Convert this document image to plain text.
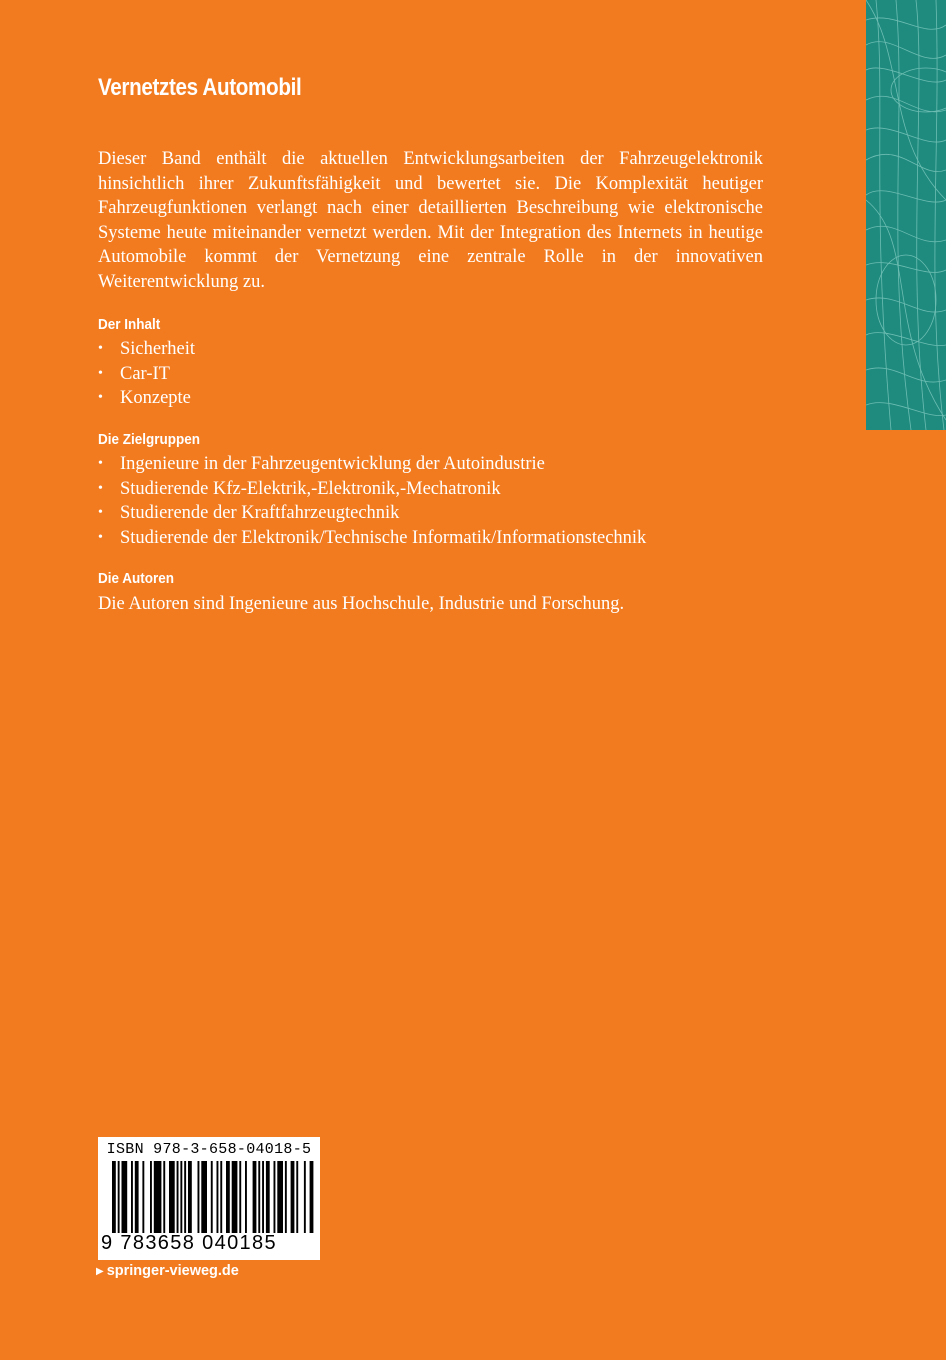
Vernetztes Automobil

Dieser Band enthält die aktuellen Entwicklungsarbeiten der Fahrzeugelektronik hinsichtlich ihrer Zukunftsfähigkeit und bewertet sie. Die Komplexität heutiger Fahrzeugfunktionen verlangt nach einer detaillierten Beschreibung wie elektronische Systeme heute miteinander vernetzt werden. Mit der Integration des Internets in heutige Automobile kommt der Vernetzung eine zentrale Rolle in der innovativen Weiterentwicklung zu.

Der Inhalt
• Sicherheit
• Car-IT
• Konzepte
Die Zielgruppen
• Ingenieure in der Fahrzeugentwicklung der Autoindustrie
• Studierende Kfz-Elektrik,-Elektronik,-Mechatronik
• Studierende der Kraftfahrzeugtechnik
• Studierende der Elektronik/Technische Informatik/Informationstechnik
Die Autoren
Die Autoren sind Ingenieure aus Hochschule, Industrie und Forschung.
ISBN 978-3-658-04018-5
9 783658 040185
▶ springer-vieweg.de
